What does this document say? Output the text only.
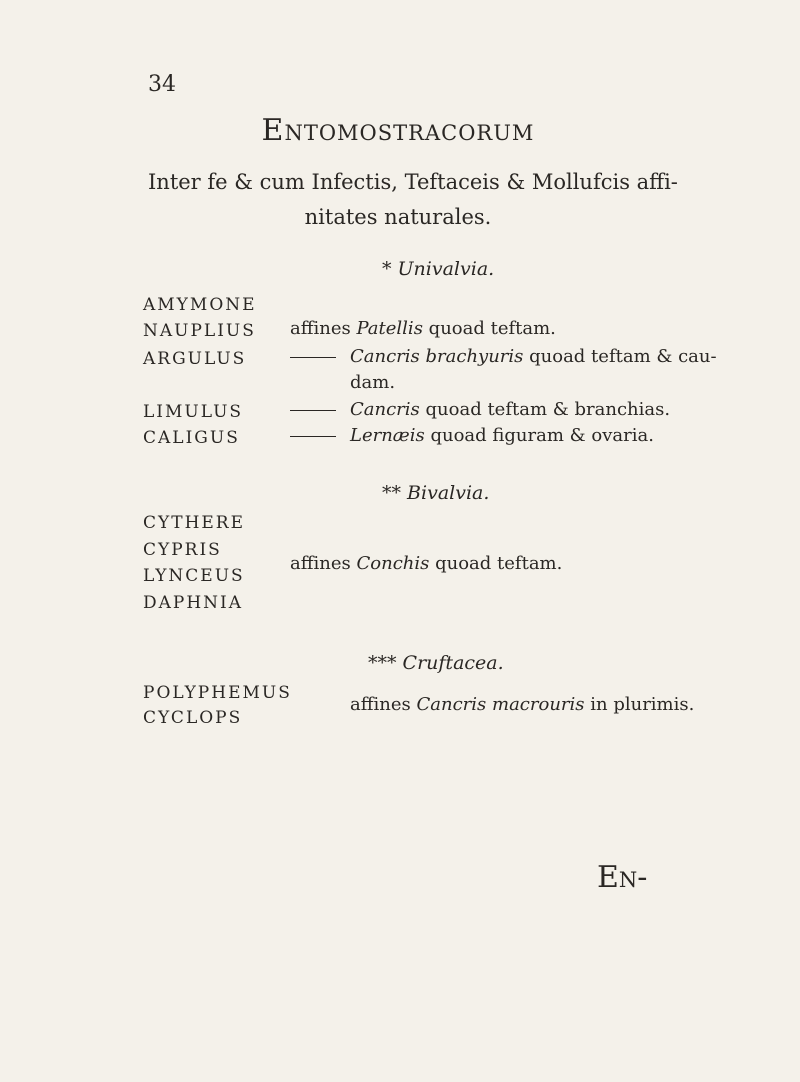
34
Entomostracorum
Inter fe & cum Infectis, Teftaceis & Mollufcis affi-
nitates naturales.
* Univalvia.
AMYMONE
NAUPLIUS
ARGULUS
LIMULUS
CALIGUS
affines Patellis quoad teftam.
Cancris brachyuris quoad teftam & cau-
dam.
Cancris quoad teftam & branchias.
Lernæis quoad figuram & ovaria.
** Bivalvia.
CYTHERE
CYPRIS
LYNCEUS
DAPHNIA
affines Conchis quoad teftam.
*** Cruftacea.
POLYPHEMUS
CYCLOPS
affines Cancris macrouris in plurimis.
En-
